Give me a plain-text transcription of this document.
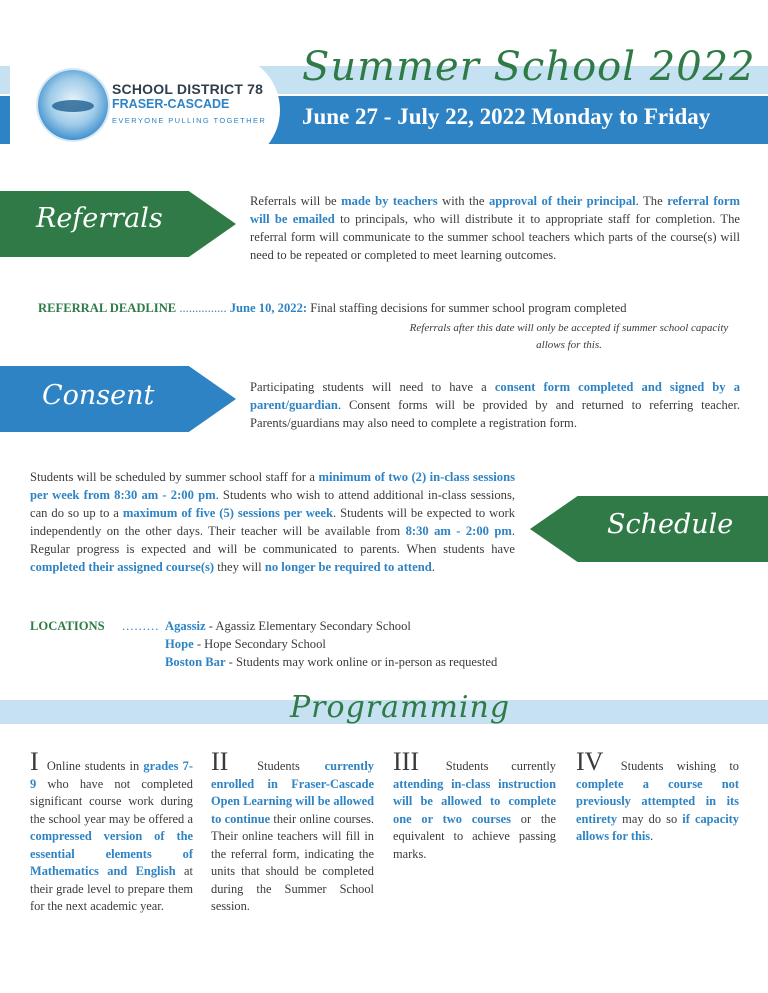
SCHOOL DISTRICT 78
FRASER-CASCADE
EVERYONE PULLING TOGETHER
Summer School 2022
June 27 - July 22, 2022 Monday to Friday
Referrals
Referrals will be made by teachers with the approval of their principal. The referral form will be emailed to principals, who will distribute it to appropriate staff for completion. The referral form will communicate to the summer school teachers which parts of the course(s) will need to be repeated or completed to meet learning outcomes.
REFERRAL DEADLINE ............... June 10, 2022: Final staffing decisions for summer school program completed
Referrals after this date will only be accepted if summer school capacity allows for this.
Consent	Participating students will need to have a consent form completed and signed by a parent/guardian. Consent forms will be provided by and returned to referring teacher. Parents/guardians may also need to complete a registration form.
Students will be scheduled by summer school staff for a minimum of two (2) in-class sessions per week from 8:30 am - 2:00 pm. Students who wish to attend additional in-class sessions, can do so up to a maximum of five (5) sessions per week. Students will be expected to work independently on the other days. Their teacher will be available from 8:30 am - 2:00 pm. Regular progress is expected and will be communicated to parents. When students have completed their assigned course(s) they will no longer be required to attend.
Schedule
LOCATIONS ......... Agassiz - Agassiz Elementary Secondary School
Hope - Hope Secondary School
Boston Bar - Students may work online or in-person as requested
Programming
I Online students in grades 7-9 who have not completed significant course work during the school year may be offered a compressed version of the essential elements of Mathematics and English at their grade level to prepare them for the next academic year.
II Students currently enrolled in Fraser-Cascade Open Learning will be allowed to continue their online courses. Their online teachers will fill in the referral form, indicating the units that should be completed during the Summer School session.
III Students currently attending in-class instruction will be allowed to complete one or two courses or the equivalent to achieve passing marks.
IV Students wishing to complete a course not previously attempted in its entirety may do so if capacity allows for this.
